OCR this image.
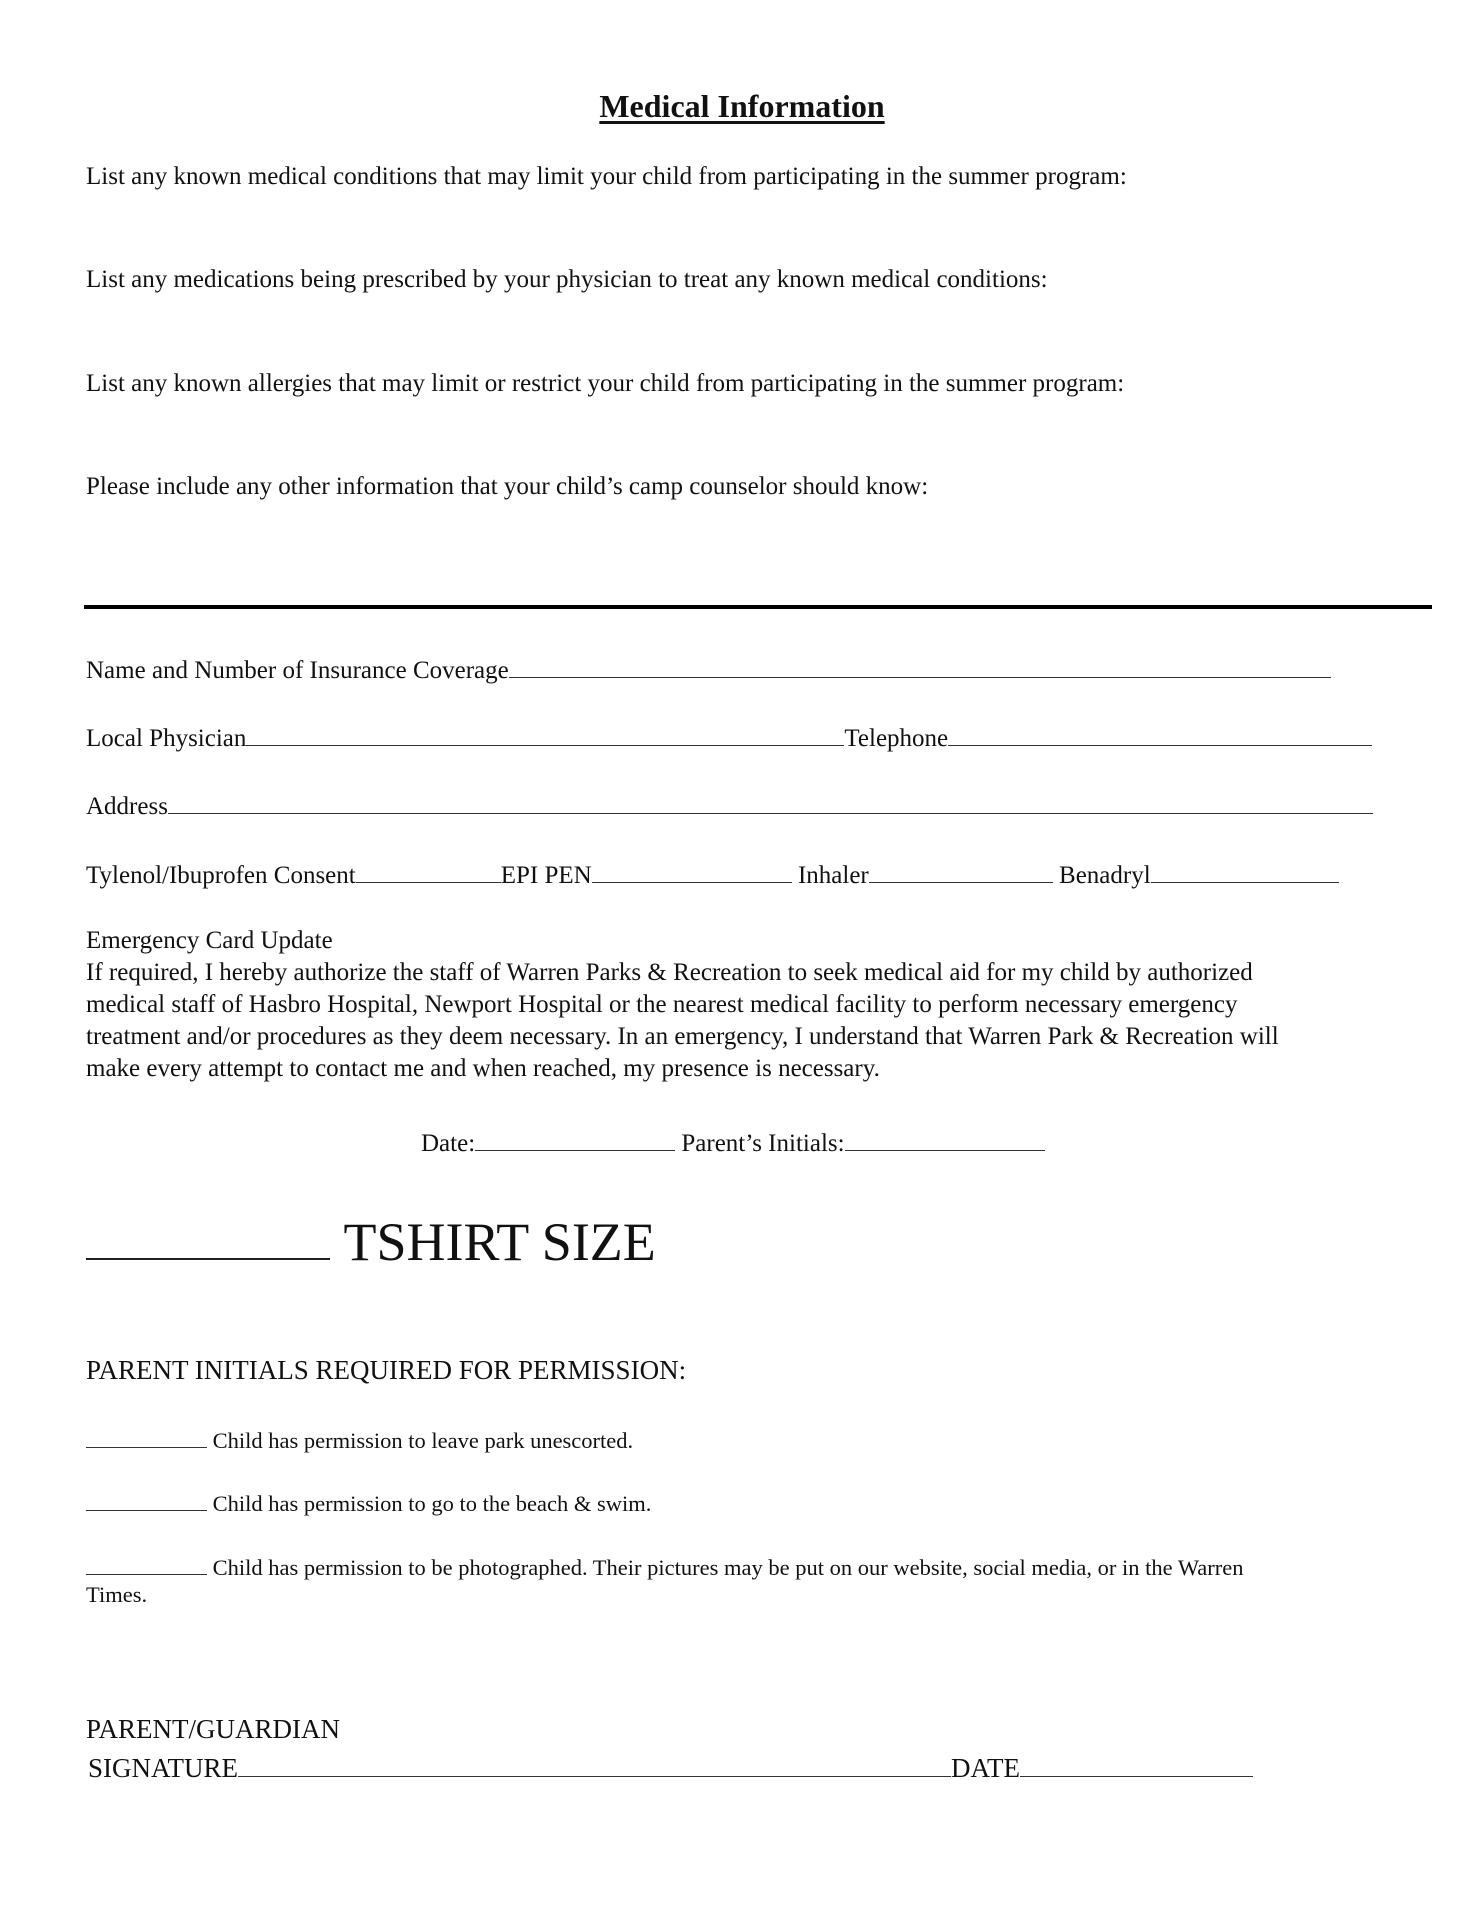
Medical Information
List any known medical conditions that may limit your child from participating in the summer program:
List any medications being prescribed by your physician to treat any known medical conditions:
List any known allergies that may limit or restrict your child from participating in the summer program:
Please include any other information that your child’s camp counselor should know:
Name and Number of Insurance Coverage
Local Physician	Telephone
Address
Tylenol/Ibuprofen Consent	EPI PEN	Inhaler	Benadryl
Emergency Card Update
If required, I hereby authorize the staff of Warren Parks & Recreation to seek medical aid for my child by authorized
medical staff of Hasbro Hospital, Newport Hospital or the nearest medical facility to perform necessary emergency
treatment and/or procedures as they deem necessary. In an emergency, I understand that Warren Park & Recreation will
make every attempt to contact me and when reached, my presence is necessary.
Date:	Parent’s Initials:
TSHIRT SIZE
PARENT INITIALS REQUIRED FOR PERMISSION:
Child has permission to leave park unescorted.
Child has permission to go to the beach & swim.
Child has permission to be photographed. Their pictures may be put on our website, social media, or in the Warren
Times.
PARENT/GUARDIAN
SIGNATURE	DATE
